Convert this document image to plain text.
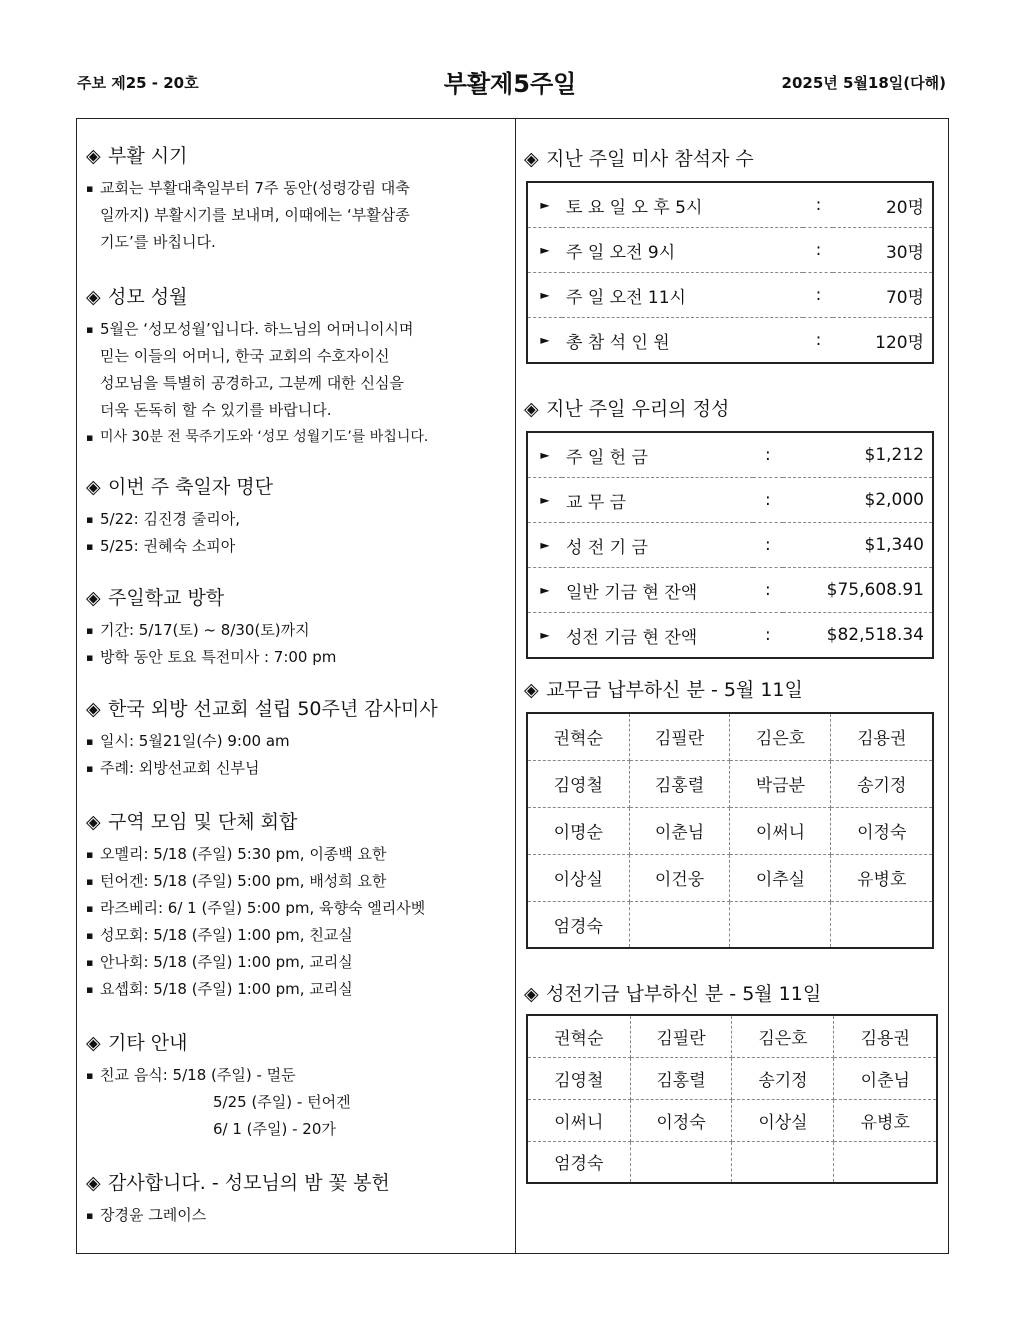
주보 제25 - 20호	부활제5주일	2025년 5월18일(다해)
◈ 부활 시기
▪ 교회는 부활대축일부터 7주 동안(성령강림 대축
일까지) 부활시기를 보내며, 이때에는 ‘부활삼종
기도’를 바칩니다.
◈ 성모 성월
▪ 5월은 ‘성모성월’입니다. 하느님의 어머니이시며
믿는 이들의 어머니, 한국 교회의 수호자이신
성모님을 특별히 공경하고, 그분께 대한 신심을
더욱 돈독히 할 수 있기를 바랍니다.
▪ 미사 30분 전 묵주기도와 ‘성모 성월기도’를 바칩니다.
◈ 이번 주 축일자 명단
▪ 5/22: 김진경 줄리아,
▪ 5/25: 권혜숙 소피아
◈ 주일학교 방학
▪ 기간: 5/17(토) ~ 8/30(토)까지
▪ 방학 동안 토요 특전미사 : 7:00 pm
◈ 한국 외방 선교회 설립 50주년 감사미사
▪ 일시: 5월21일(수) 9:00 am
▪ 주례: 외방선교회 신부님
◈ 구역 모임 및 단체 회합
▪ 오멜리: 5/18 (주일) 5:30 pm, 이종백 요한
▪ 턴어겐: 5/18 (주일) 5:00 pm, 배성희 요한
▪ 라즈베리: 6/ 1 (주일) 5:00 pm, 육향숙 엘리사벳
▪ 성모회: 5/18 (주일) 1:00 pm, 친교실
▪ 안나회: 5/18 (주일) 1:00 pm, 교리실
▪ 요셉회: 5/18 (주일) 1:00 pm, 교리실
◈ 기타 안내
▪ 친교 음식: 5/18 (주일) - 멀둔
5/25 (주일) - 턴어겐
6/ 1 (주일) - 20가
◈ 감사합니다. - 성모님의 밤 꽃 봉헌
▪ 장경윤 그레이스
◈ 지난 주일 미사 참석자 수
►	토 요 일 오 후 5시	:	20명
►	주 일 오전 9시	:	30명
►	주 일 오전 11시	:	70명
►	총 참 석 인 원	:	120명
◈ 지난 주일 우리의 정성
►	주 일 헌 금	:	$1,212
►	교 무 금	:	$2,000
►	성 전 기 금	:	$1,340
►	일반 기금 현 잔액	:	$75,608.91
►	성전 기금 현 잔액	:	$82,518.34
◈ 교무금 납부하신 분 - 5월 11일
권혁순	김필란	김은호	김용권
김영철	김홍렬	박금분	송기정
이명순	이춘님	이써니	이정숙
이상실	이건웅	이추실	유병호
엄경숙			
◈ 성전기금 납부하신 분 - 5월 11일
권혁순	김필란	김은호	김용권
김영철	김홍렬	송기정	이춘님
이써니	이정숙	이상실	유병호
엄경숙			
